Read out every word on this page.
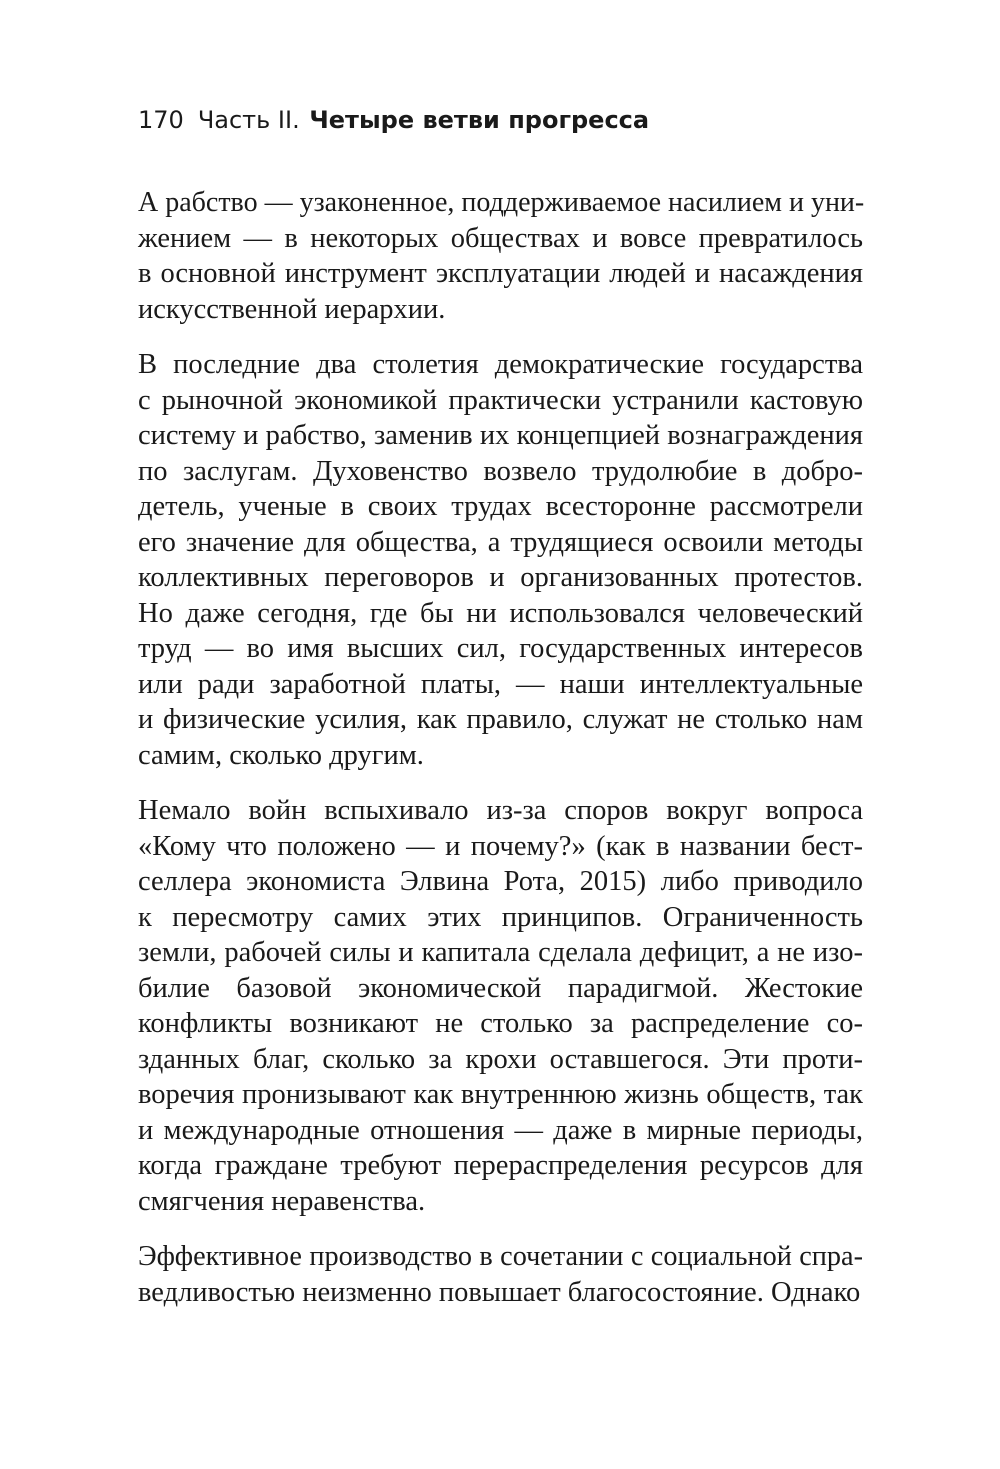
170 Часть II. Четыре ветви прогресса

А рабство — узаконенное, поддерживаемое насилием и уни-
жением — в некоторых обществах и вовсе превратилось
в основной инструмент эксплуатации людей и насаждения
искусственной иерархии.

В последние два столетия демократические государства
с рыночной экономикой практически устранили кастовую
систему и рабство, заменив их концепцией вознаграждения
по заслугам. Духовенство возвело трудолюбие в добро-
детель, ученые в своих трудах всесторонне рассмотрели
его значение для общества, а трудящиеся освоили методы
коллективных переговоров и организованных протестов.
Но даже сегодня, где бы ни использовался человеческий
труд — во имя высших сил, государственных интересов
или ради заработной платы, — наши интеллектуальные
и физические усилия, как правило, служат не столько нам
самим, сколько другим.

Немало войн вспыхивало из-за споров вокруг вопроса
«Кому что положено — и почему?» (как в названии бест-
селлера экономиста Элвина Рота, 2015) либо приводило
к пересмотру самих этих принципов. Ограниченность
земли, рабочей силы и капитала сделала дефицит, а не изо-
билие базовой экономической парадигмой. Жестокие
конфликты возникают не столько за распределение со-
зданных благ, сколько за крохи оставшегося. Эти проти-
воречия пронизывают как внутреннюю жизнь обществ, так
и международные отношения — даже в мирные периоды,
когда граждане требуют перераспределения ресурсов для
смягчения неравенства.

Эффективное производство в сочетании с социальной спра-
ведливостью неизменно повышает благосостояние. Однако
